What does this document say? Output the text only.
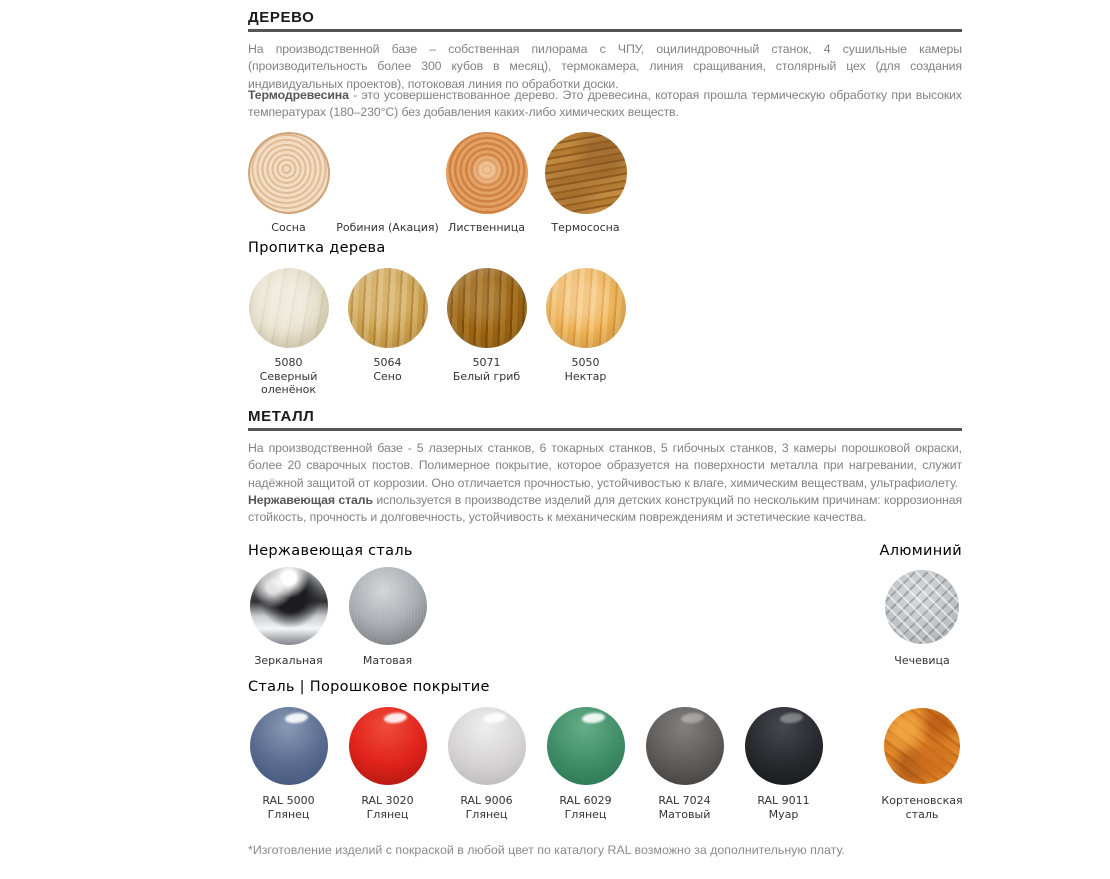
ДЕРЕВО
На производственной базе – собственная пилорама с ЧПУ, оцилиндровочный станок, 4 сушильные камеры (производительность более 300 кубов в месяц), термокамера, линия сращивания, столярный цех (для создания индивидуальных проектов), потоковая линия по обработки доски.
Термодревесина - это усовершенствованное дерево. Это древесина, которая прошла термическую обработку при высоких температурах (180–230°С) без добавления каких-либо химических веществ.
Сосна	Робиния (Акация) Лиственница Термососна
Пропитка дерева
5080
Северный оленёнок
5064
Сено
5071
Белый гриб
5050
Нектар
МЕТАЛЛ
На производственной базе - 5 лазерных станков, 6 токарных станков, 5 гибочных станков, 3 камеры порошковой окраски, более 20 сварочных постов. Полимерное покрытие, которое образуется на поверхности металла при нагревании, служит надёжной защитой от коррозии. Оно отличается прочностью, устойчивостью к влаге, химическим веществам, ультрафиолету.
Нержавеющая сталь используется в производстве изделий для детских конструкций по нескольким причинам: коррозионная стойкость, прочность и долговечность, устойчивость к механическим повреждениям и эстетические качества.
Нержавеющая сталь	Алюминий
Зеркальная	Матовая	Чечевица
Сталь | Порошковое покрытие
RAL 5000
Глянец
RAL 3020
Глянец
RAL 9006
Глянец
RAL 6029
Глянец
RAL 7024
Матовый
RAL 9011
Муар
Кортеновская сталь
*Изготовление изделий с покраской в любой цвет по каталогу RAL возможно за дополнительную плату.
